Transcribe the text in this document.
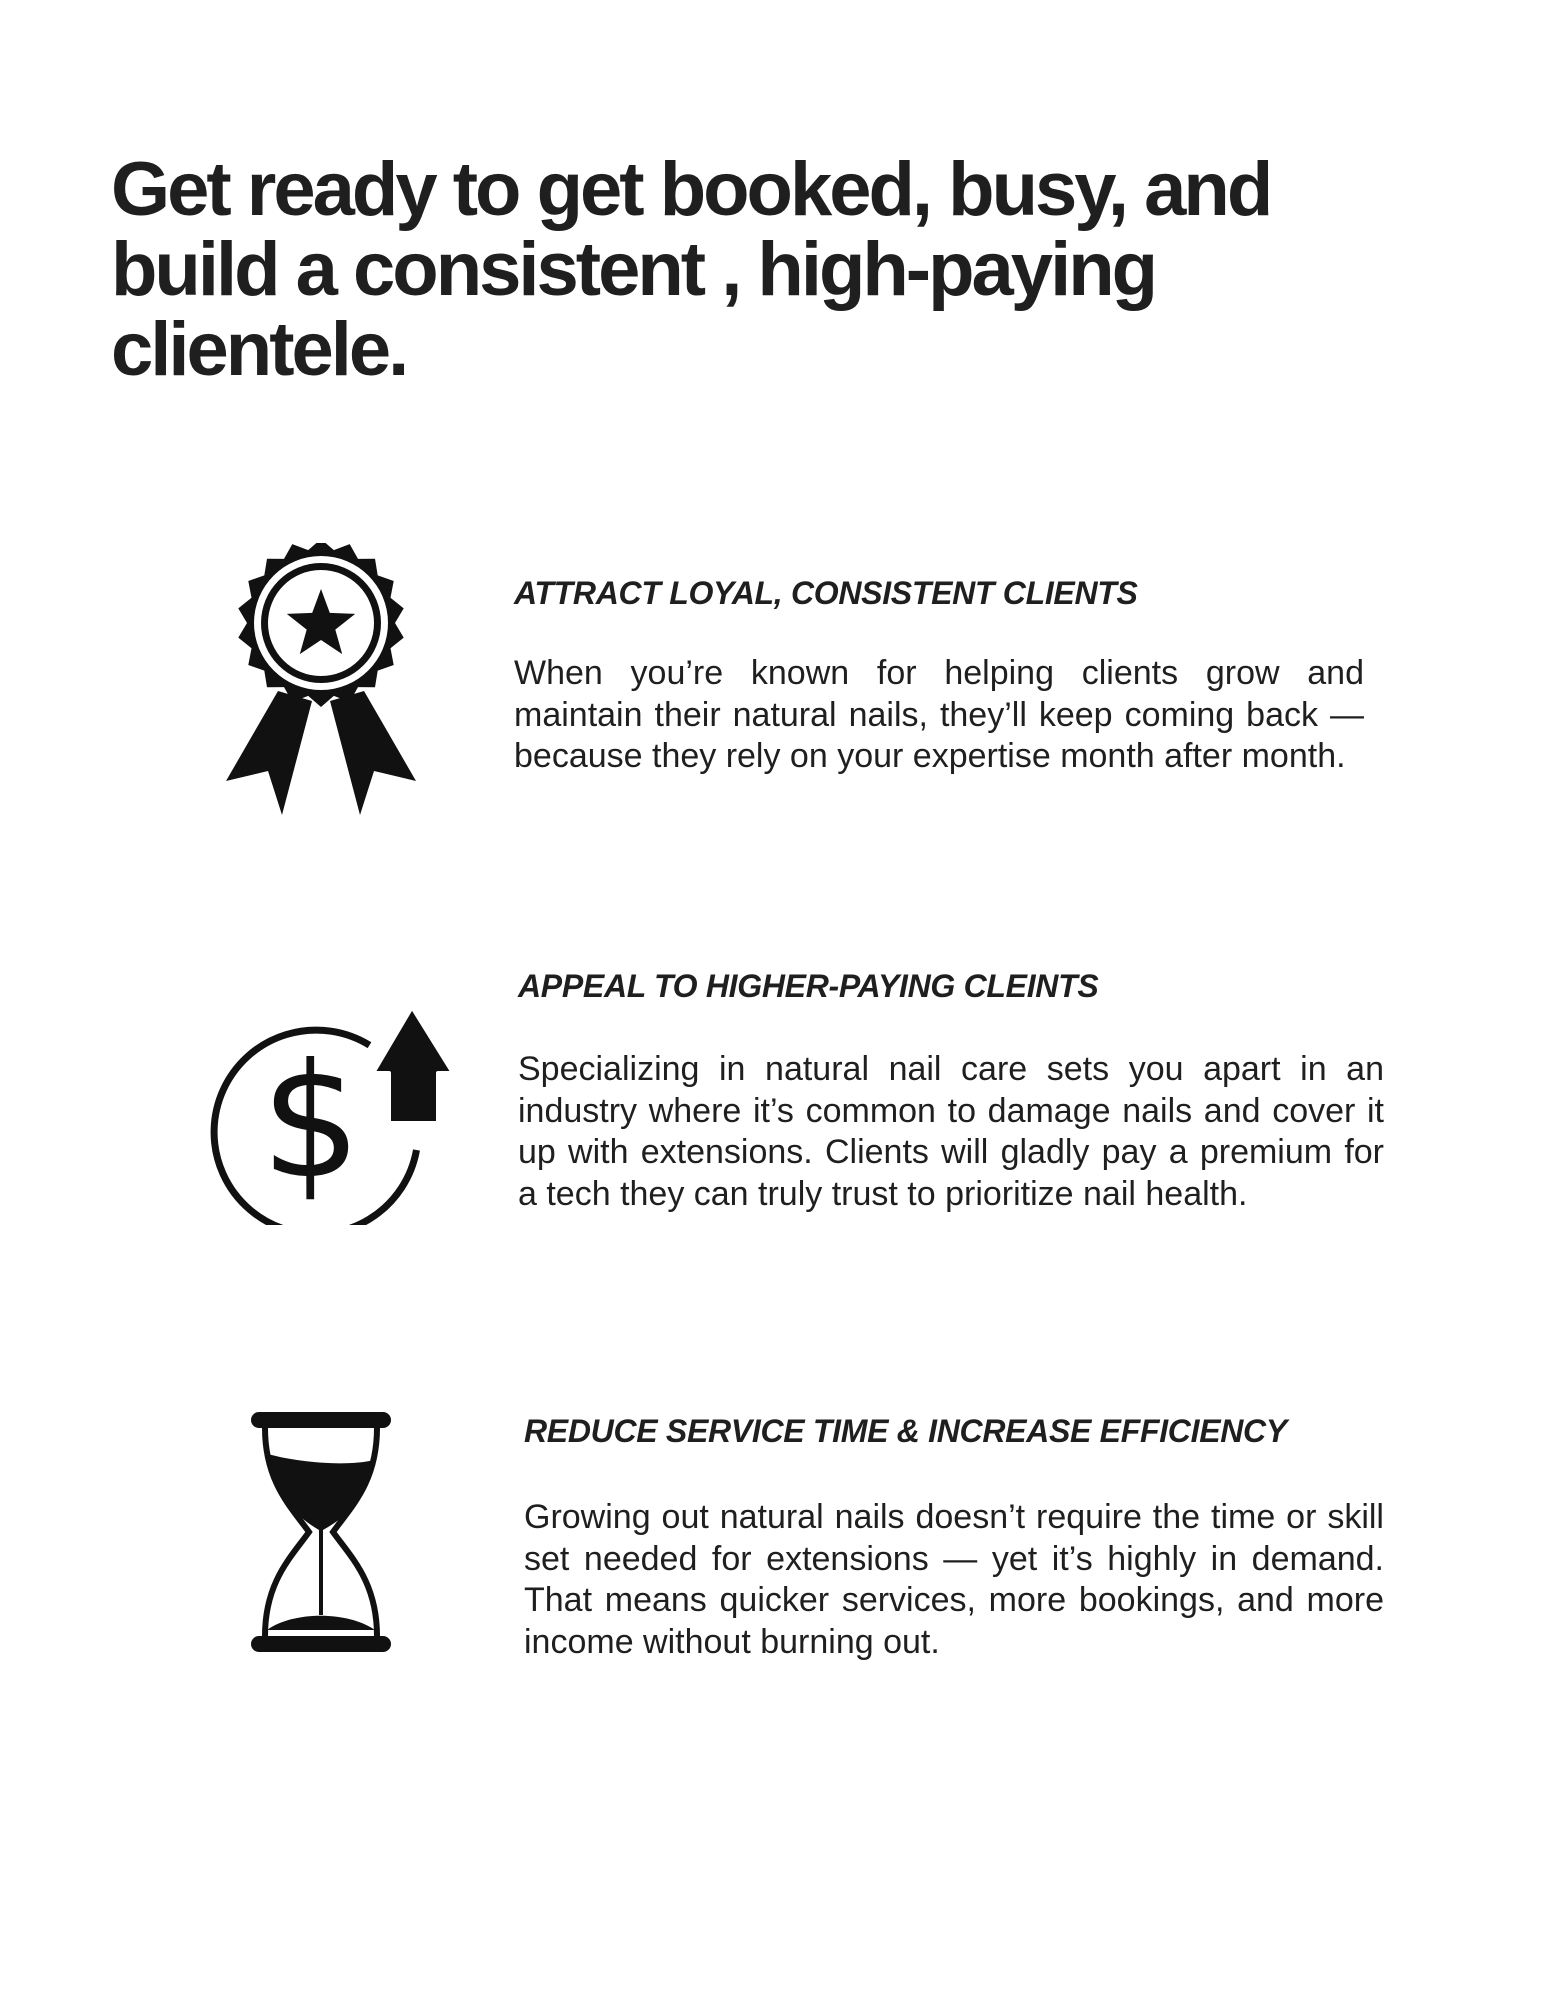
Get ready to get booked, busy, and build a consistent , high-paying clientele.
ATTRACT LOYAL, CONSISTENT CLIENTS

When you’re known for helping clients grow and maintain their natural nails, they’ll keep coming back — because they rely on your expertise month after month.

$
APPEAL TO HIGHER-PAYING CLEINTS

Specializing in natural nail care sets you apart in an industry where it’s common to damage nails and cover it up with extensions. Clients will gladly pay a premium for a tech they can truly trust to prioritize nail health.

REDUCE SERVICE TIME & INCREASE EFFICIENCY

Growing out natural nails doesn’t require the time or skill set needed for extensions — yet it’s highly in demand. That means quicker services, more bookings, and more income without burning out.
